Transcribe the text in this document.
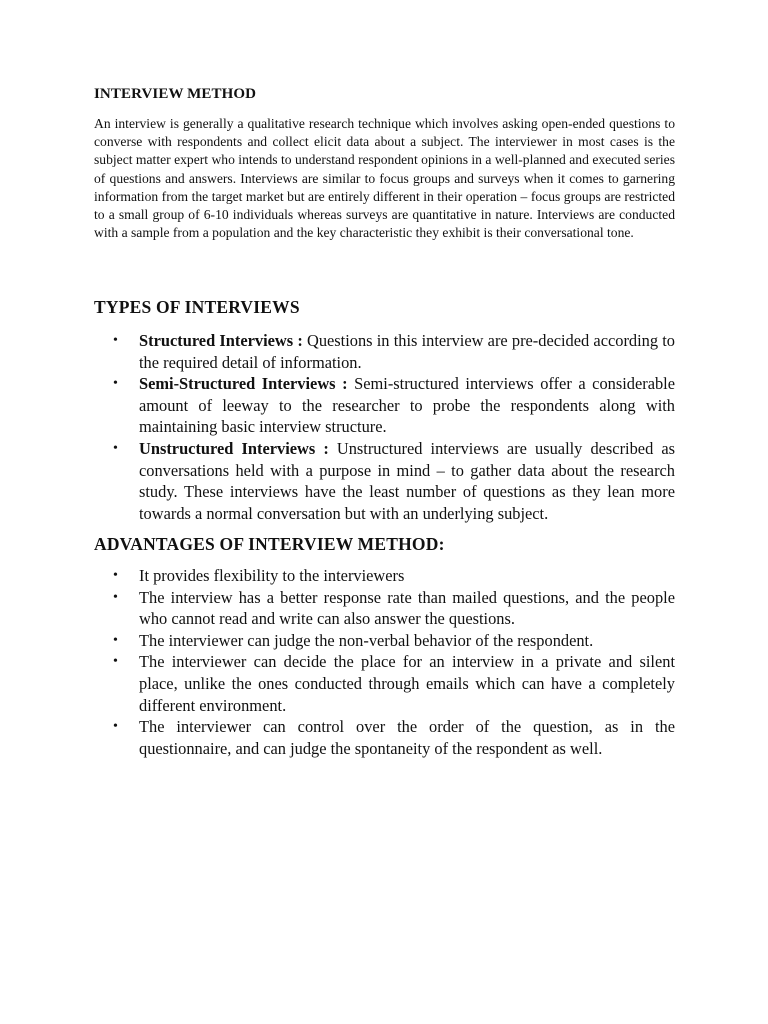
INTERVIEW METHOD

An interview is generally a qualitative research technique which involves asking open-ended questions to converse with respondents and collect elicit data about a subject. The interviewer in most cases is the subject matter expert who intends to understand respondent opinions in a well-planned and executed series of questions and answers. Interviews are similar to focus groups and surveys when it comes to garnering information from the target market but are entirely different in their operation – focus groups are restricted to a small group of 6-10 individuals whereas surveys are quantitative in nature. Interviews are conducted with a sample from a population and the key characteristic they exhibit is their conversational tone.

TYPES OF INTERVIEWS
• Structured Interviews : Questions in this interview are pre-decided according to the required detail of information.
• Semi-Structured Interviews : Semi-structured interviews offer a considerable amount of leeway to the researcher to probe the respondents along with maintaining basic interview structure.
• Unstructured Interviews : Unstructured interviews are usually described as conversations held with a purpose in mind – to gather data about the research study. These interviews have the least number of questions as they lean more towards a normal conversation but with an underlying subject.
ADVANTAGES OF INTERVIEW METHOD:
• It provides flexibility to the interviewers
• The interview has a better response rate than mailed questions, and the people who cannot read and write can also answer the questions.
• The interviewer can judge the non-verbal behavior of the respondent.
• The interviewer can decide the place for an interview in a private and silent place, unlike the ones conducted through emails which can have a completely different environment.
• The interviewer can control over the order of the question, as in the questionnaire, and can judge the spontaneity of the respondent as well.
